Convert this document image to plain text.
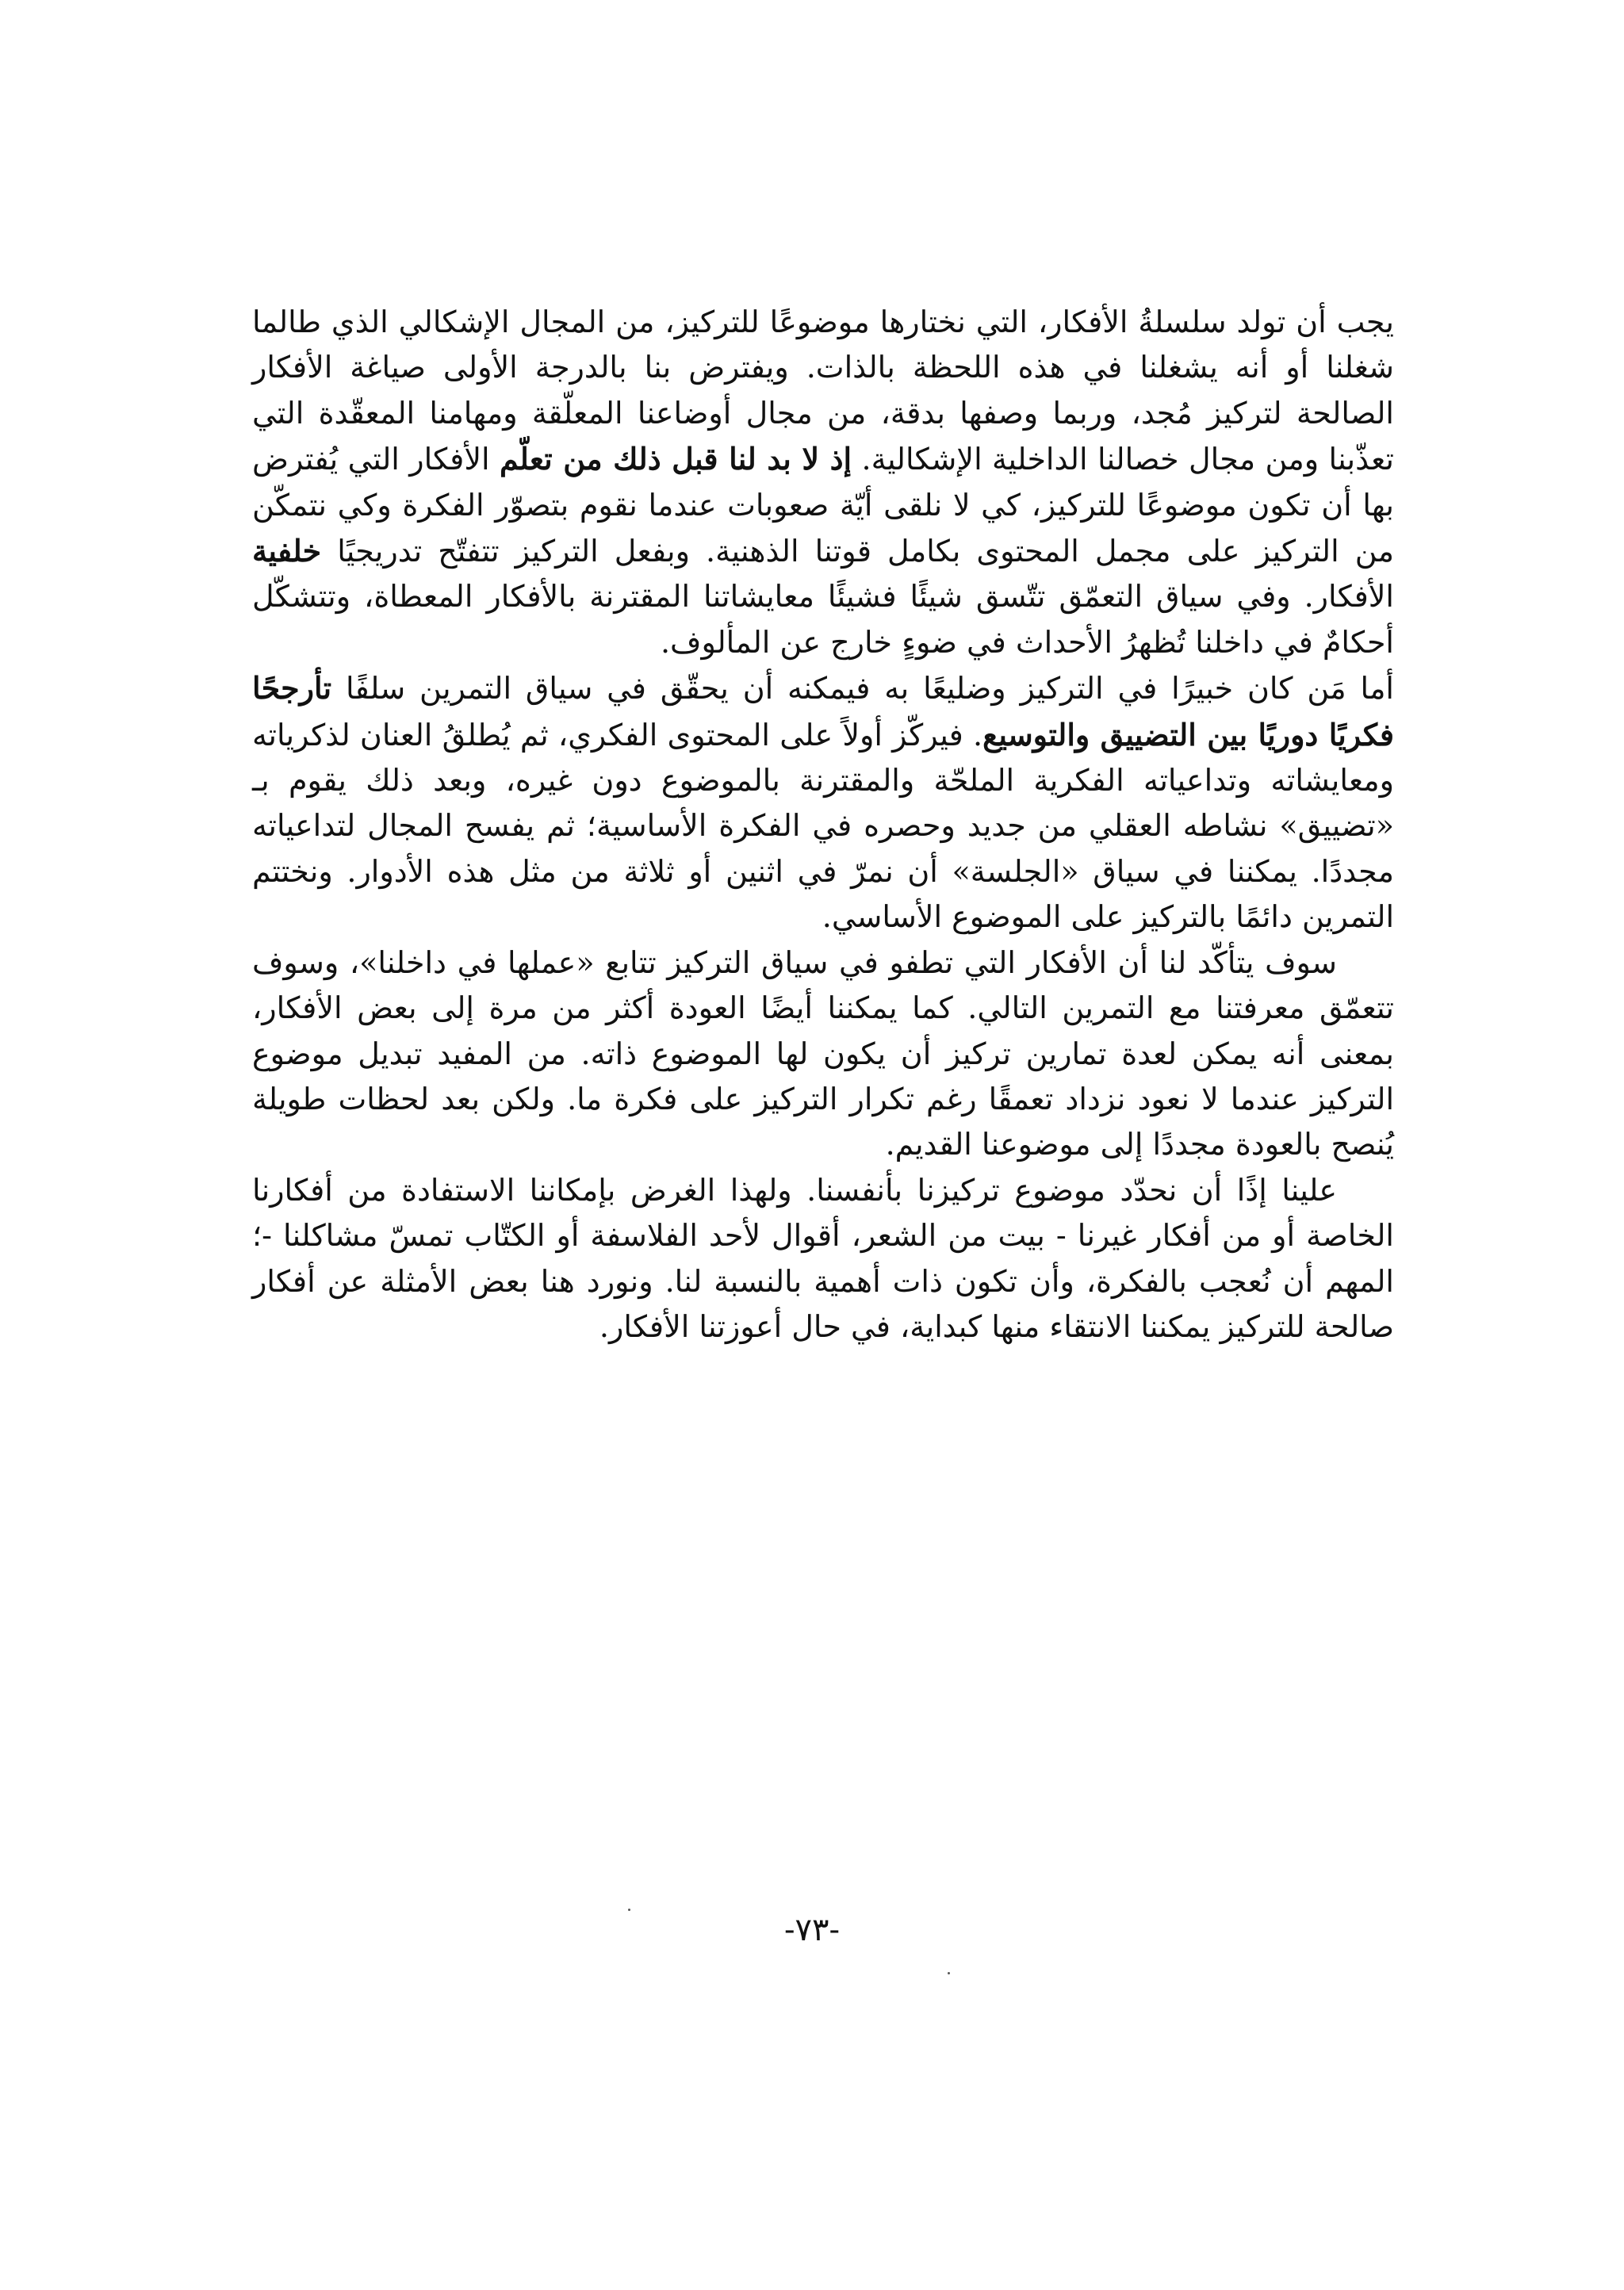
يجب أن تولد سلسلةُ الأفكار، التي نختارها موضوعًا للتركيز، من المجال الإشكالي الذي طالما شغلنا أو أنه يشغلنا في هذه اللحظة بالذات. ويفترض بنا بالدرجة الأولى صياغة الأفكار الصالحة لتركيز مُجد، وربما وصفها بدقة، من مجال أوضاعنا المعلّقة ومهامنا المعقّدة التي تعذّبنا ومن مجال خصالنا الداخلية الإشكالية. إذ لا بد لنا قبل ذلك من تعلّم الأفكار التي يُفترض بها أن تكون موضوعًا للتركيز، كي لا نلقى أيّة صعوبات عندما نقوم بتصوّر الفكرة وكي نتمكّن من التركيز على مجمل المحتوى بكامل قوتنا الذهنية. وبفعل التركيز تتفتّح تدريجيًا خلفية الأفكار. وفي سياق التعمّق تتّسق شيئًا فشيئًا معايشاتنا المقترنة بالأفكار المعطاة، وتتشكّل أحكامٌ في داخلنا تُظهرُ الأحداث في ضوءٍ خارج عن المألوف.

أما مَن كان خبيرًا في التركيز وضليعًا به فيمكنه أن يحقّق في سياق التمرين سلفًا تأرجحًا فكريًا دوريًا بين التضييق والتوسيع. فيركّز أولاً على المحتوى الفكري، ثم يُطلقُ العنان لذكرياته ومعايشاته وتداعياته الفكرية الملحّة والمقترنة بالموضوع دون غيره، وبعد ذلك يقوم بـ «تضييق» نشاطه العقلي من جديد وحصره في الفكرة الأساسية؛ ثم يفسح المجال لتداعياته مجددًا. يمكننا في سياق «الجلسة» أن نمرّ في اثنين أو ثلاثة من مثل هذه الأدوار. ونختتم التمرين دائمًا بالتركيز على الموضوع الأساسي.

سوف يتأكّد لنا أن الأفكار التي تطفو في سياق التركيز تتابع «عملها في داخلنا»، وسوف تتعمّق معرفتنا مع التمرين التالي. كما يمكننا أيضًا العودة أكثر من مرة إلى بعض الأفكار، بمعنى أنه يمكن لعدة تمارين تركيز أن يكون لها الموضوع ذاته. من المفيد تبديل موضوع التركيز عندما لا نعود نزداد تعمقًا رغم تكرار التركيز على فكرة ما. ولكن بعد لحظات طويلة يُنصح بالعودة مجددًا إلى موضوعنا القديم.

علينا إذًا أن نحدّد موضوع تركيزنا بأنفسنا. ولهذا الغرض بإمكاننا الاستفادة من أفكارنا الخاصة أو من أفكار غيرنا - بيت من الشعر، أقوال لأحد الفلاسفة أو الكتّاب تمسّ مشاكلنا -؛ المهم أن نُعجب بالفكرة، وأن تكون ذات أهمية بالنسبة لنا. ونورد هنا بعض الأمثلة عن أفكار صالحة للتركيز يمكننا الانتقاء منها كبداية، في حال أعوزتنا الأفكار.

-٧٣-
